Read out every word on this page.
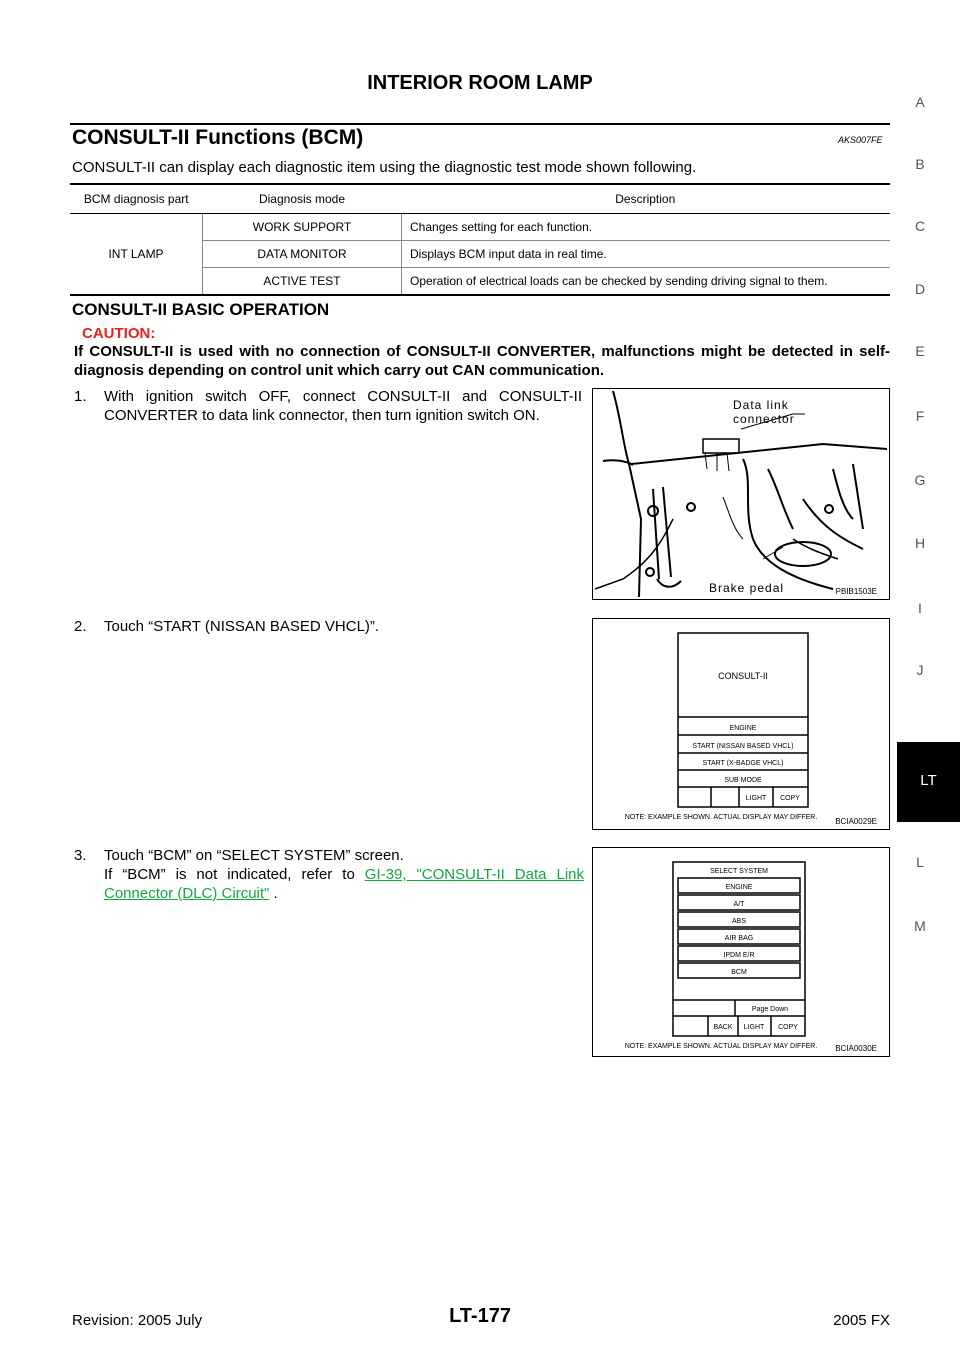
INTERIOR ROOM LAMP
CONSULT-II Functions (BCM)	AKS007FE
CONSULT-II can display each diagnostic item using the diagnostic test mode shown following.
BCM diagnosis part	Diagnosis mode	Description
INT LAMP	WORK SUPPORT	Changes setting for each function.
	DATA MONITOR	Displays BCM input data in real time.
	ACTIVE TEST	Operation of electrical loads can be checked by sending driving signal to them.
CONSULT-II BASIC OPERATION
CAUTION:
If CONSULT-II is used with no connection of CONSULT-II CONVERTER, malfunctions might be detected in self-diagnosis depending on control unit which carry out CAN communication.
1. With ignition switch OFF, connect CONSULT-II and CONSULT-II CONVERTER to data link connector, then turn ignition switch ON.
2. Touch “START (NISSAN BASED VHCL)”.
3. Touch “BCM” on “SELECT SYSTEM” screen.
If “BCM” is not indicated, refer to GI-39, "CONSULT-II Data Link Connector (DLC) Circuit" .
Data link
connector
Brake pedal	PBIB1503E
CONSULT-II
ENGINE
START (NISSAN BASED VHCL)
START (X-BADGE VHCL)
SUB MODE
LIGHT COPY
NOTE: EXAMPLE SHOWN. ACTUAL DISPLAY MAY DIFFER. BCIA0029E
SELECT SYSTEM
ENGINE
A/T
ABS
AIR BAG
IPDM E/R
BCM
Page Down
BACK LIGHT COPY
NOTE: EXAMPLE SHOWN. ACTUAL DISPLAY MAY DIFFER. BCIA0030E
A
B
C
D
E
F
G
H
I
J
LT
L
M
Revision: 2005 July	LT-177	2005 FX
